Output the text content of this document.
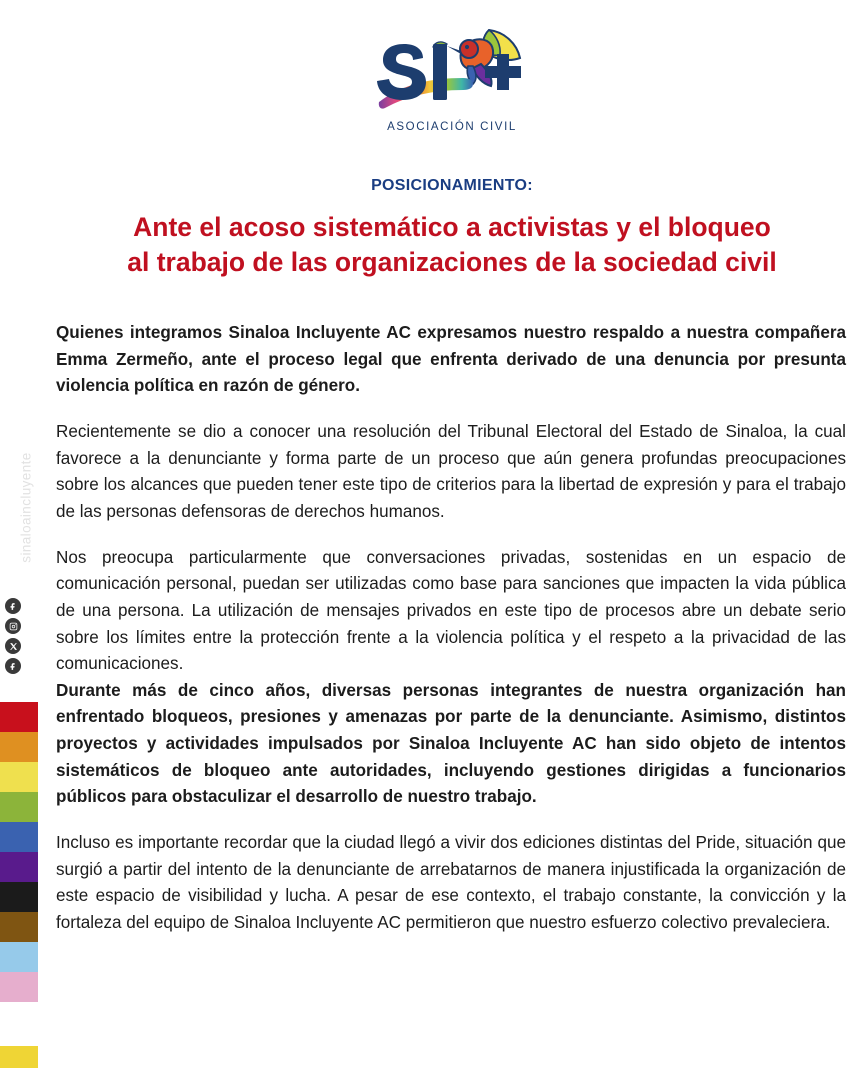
sinaloaincluyente
ASOCIACIÓN CIVIL
POSICIONAMIENTO:
Ante el acoso sistemático a activistas y el bloqueo
al trabajo de las organizaciones de la sociedad civil

Quienes integramos Sinaloa Incluyente AC expresamos nuestro respaldo a nuestra compañera Emma Zermeño, ante el proceso legal que enfrenta derivado de una denuncia por presunta violencia política en razón de género.

Recientemente se dio a conocer una resolución del Tribunal Electoral del Estado de Sinaloa, la cual favorece a la denunciante y forma parte de un proceso que aún genera profundas preocupaciones sobre los alcances que pueden tener este tipo de criterios para la libertad de expresión y para el trabajo de las personas defensoras de derechos humanos.

Nos preocupa particularmente que conversaciones privadas, sostenidas en un espacio de comunicación personal, puedan ser utilizadas como base para sanciones que impacten la vida pública de una persona. La utilización de mensajes privados en este tipo de procesos abre un debate serio sobre los límites entre la protección frente a la violencia política y el respeto a la privacidad de las comunicaciones.

Durante más de cinco años, diversas personas integrantes de nuestra organización han enfrentado bloqueos, presiones y amenazas por parte de la denunciante. Asimismo, distintos proyectos y actividades impulsados por Sinaloa Incluyente AC han sido objeto de intentos sistemáticos de bloqueo ante autoridades, incluyendo gestiones dirigidas a funcionarios públicos para obstaculizar el desarrollo de nuestro trabajo.

Incluso es importante recordar que la ciudad llegó a vivir dos ediciones distintas del Pride, situación que surgió a partir del intento de la denunciante de arrebatarnos de manera injustificada la organización de este espacio de visibilidad y lucha. A pesar de ese contexto, el trabajo constante, la convicción y la fortaleza del equipo de Sinaloa Incluyente AC permitieron que nuestro esfuerzo colectivo prevaleciera.
